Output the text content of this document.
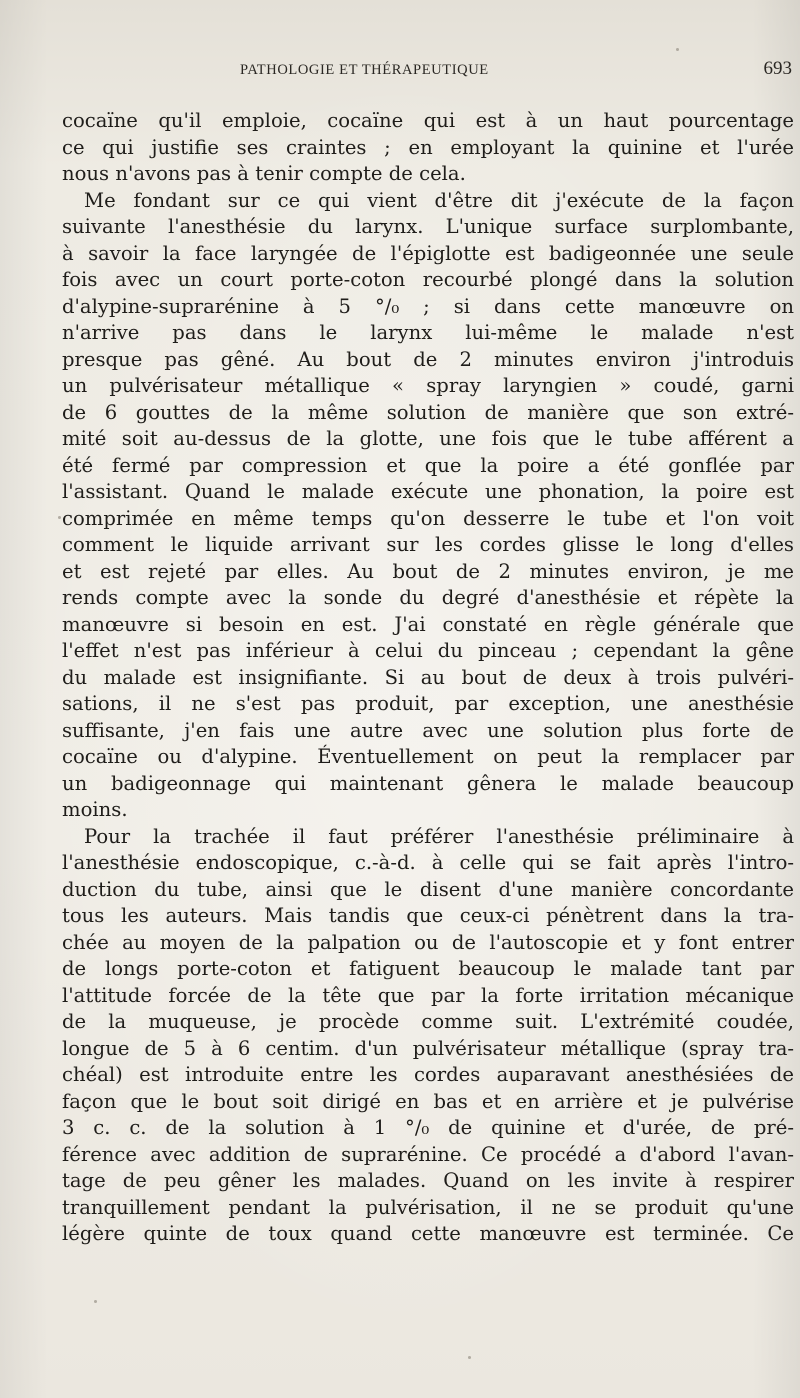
PATHOLOGIE ET THÉRAPEUTIQUE	693
cocaïne qu'il emploie, cocaïne qui est à un haut pourcentage
ce qui justifie ses craintes ; en employant la quinine et l'urée
nous n'avons pas à tenir compte de cela.
Me fondant sur ce qui vient d'être dit j'exécute de la façon
suivante l'anesthésie du larynx. L'unique surface surplombante,
à savoir la face laryngée de l'épiglotte est badigeonnée une seule
fois avec un court porte-coton recourbé plongé dans la solution
d'alypine-suprarénine à 5 °/₀ ; si dans cette manœuvre on
n'arrive pas dans le larynx lui-même le malade n'est
presque pas gêné. Au bout de 2 minutes environ j'introduis
un pulvérisateur métallique « spray laryngien » coudé, garni
de 6 gouttes de la même solution de manière que son extré-
mité soit au-dessus de la glotte, une fois que le tube afférent a
été fermé par compression et que la poire a été gonflée par
l'assistant. Quand le malade exécute une phonation, la poire est
comprimée en même temps qu'on desserre le tube et l'on voit
comment le liquide arrivant sur les cordes glisse le long d'elles
et est rejeté par elles. Au bout de 2 minutes environ, je me
rends compte avec la sonde du degré d'anesthésie et répète la
manœuvre si besoin en est. J'ai constaté en règle générale que
l'effet n'est pas inférieur à celui du pinceau ; cependant la gêne
du malade est insignifiante. Si au bout de deux à trois pulvéri-
sations, il ne s'est pas produit, par exception, une anesthésie
suffisante, j'en fais une autre avec une solution plus forte de
cocaïne ou d'alypine. Éventuellement on peut la remplacer par
un badigeonnage qui maintenant gênera le malade beaucoup
moins.
Pour la trachée il faut préférer l'anesthésie préliminaire à
l'anesthésie endoscopique, c.-à-d. à celle qui se fait après l'intro-
duction du tube, ainsi que le disent d'une manière concordante
tous les auteurs. Mais tandis que ceux-ci pénètrent dans la tra-
chée au moyen de la palpation ou de l'autoscopie et y font entrer
de longs porte-coton et fatiguent beaucoup le malade tant par
l'attitude forcée de la tête que par la forte irritation mécanique
de la muqueuse, je procède comme suit. L'extrémité coudée,
longue de 5 à 6 centim. d'un pulvérisateur métallique (spray tra-
chéal) est introduite entre les cordes auparavant anesthésiées de
façon que le bout soit dirigé en bas et en arrière et je pulvérise
3 c. c. de la solution à 1 °/₀ de quinine et d'urée, de pré-
férence avec addition de suprarénine. Ce procédé a d'abord l'avan-
tage de peu gêner les malades. Quand on les invite à respirer
tranquillement pendant la pulvérisation, il ne se produit qu'une
légère quinte de toux quand cette manœuvre est terminée. Ce
